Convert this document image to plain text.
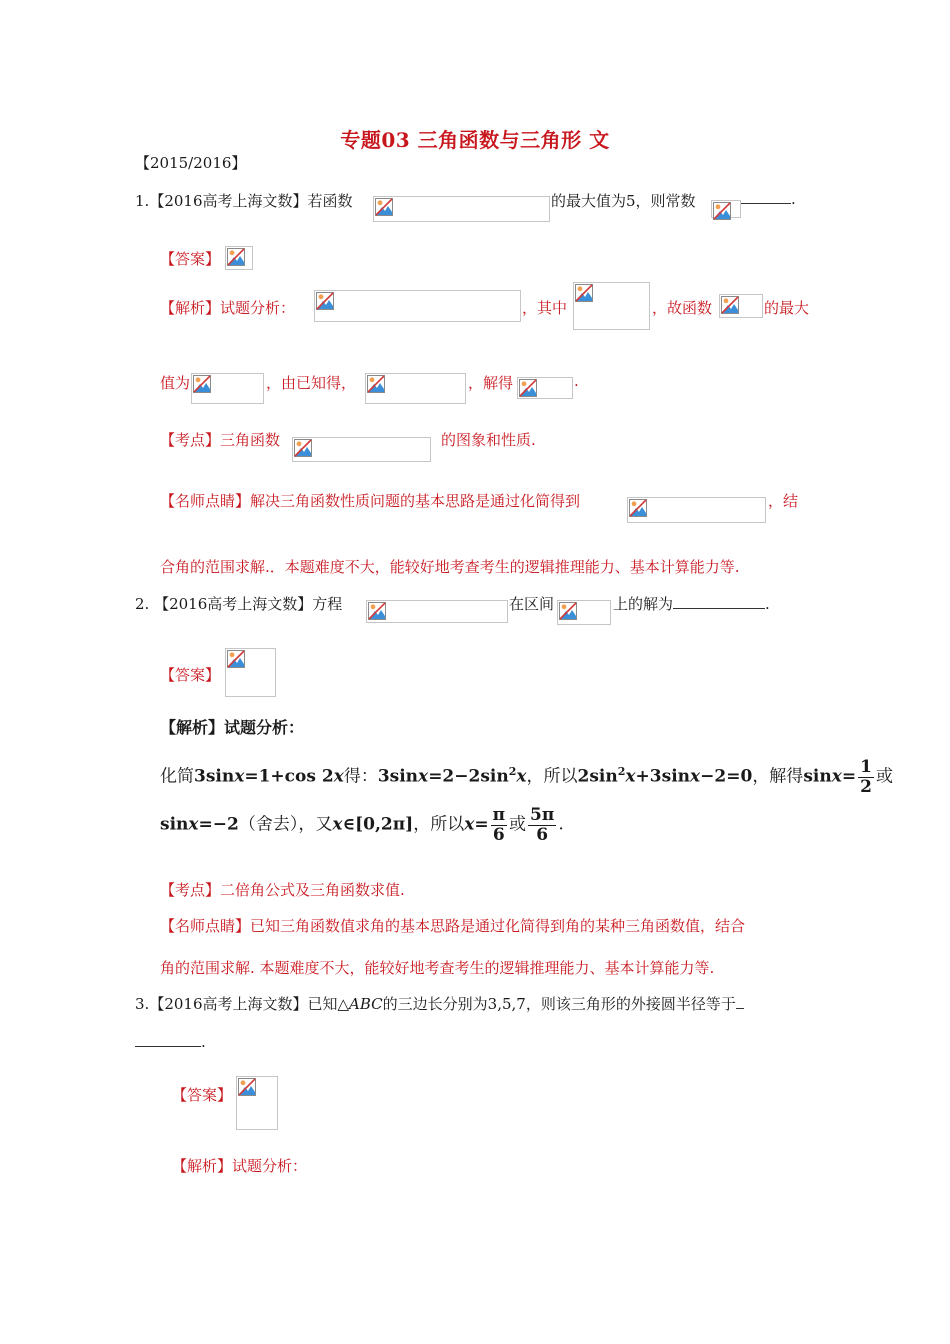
专题03 三角函数与三角形 文
【2015/2016】
1.【2016高考上海文数】若函数	的最大值为5，则常数	.
【答案】
【解析】试题分析：	，其中	，故函数	的最大
值为	，由已知得，	，解得	.
【考点】三角函数	的图象和性质.
【名师点睛】解决三角函数性质问题的基本思路是通过化简得到	，结
合角的范围求解.．本题难度不大，能较好地考查考生的逻辑推理能力、基本计算能力等.
2. 【2016高考上海文数】方程	在区间	上的解为	.
【答案】
【解析】试题分析：
化简3sinx=1+cos 2x得：$3\sin x=2-2\sin^2x$，所以$2\sin^2x+3\sin x-2=0$，解得$\sin x= \frac{1}{2}$ 或
sinx=−2（舍去），又x∈[0,2π]，所以$x= \frac{\pi}{6}$ 或 $\frac{5\pi}{6}$ .
【考点】二倍角公式及三角函数求值.
【名师点睛】已知三角函数值求角的基本思路是通过化简得到角的某种三角函数值，结合
角的范围求解. 本题难度不大，能较好地考查考生的逻辑推理能力、基本计算能力等.
3.【2016高考上海文数】已知△ABC的三边长分别为3,5,7，则该三角形的外接圆半径等于
.
【答案】
【解析】试题分析：
